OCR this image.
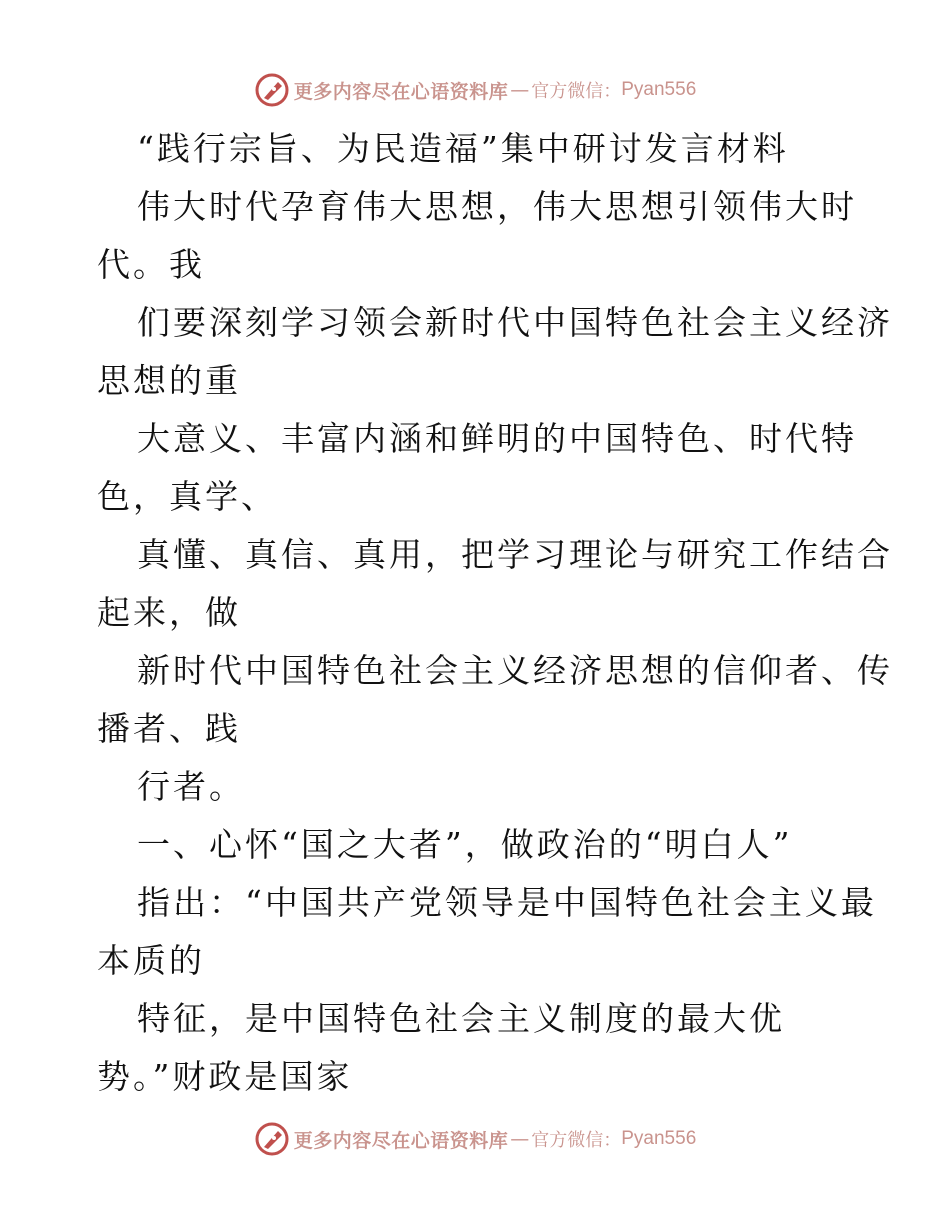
更多内容尽在心语资料库 — 官方微信： Pyan556
“践行宗旨、为民造福”集中研讨发言材料
伟大时代孕育伟大思想，伟大思想引领伟大时
代。我
们要深刻学习领会新时代中国特色社会主义经济
思想的重
大意义、丰富内涵和鲜明的中国特色、时代特
色，真学、
真懂、真信、真用，把学习理论与研究工作结合
起来，做
新时代中国特色社会主义经济思想的信仰者、传
播者、践
行者。
一、心怀“国之大者”，做政治的“明白人”
指出：“中国共产党领导是中国特色社会主义最
本质的
特征，是中国特色社会主义制度的最大优
势。”财政是国家
更多内容尽在心语资料库 — 官方微信： Pyan556
